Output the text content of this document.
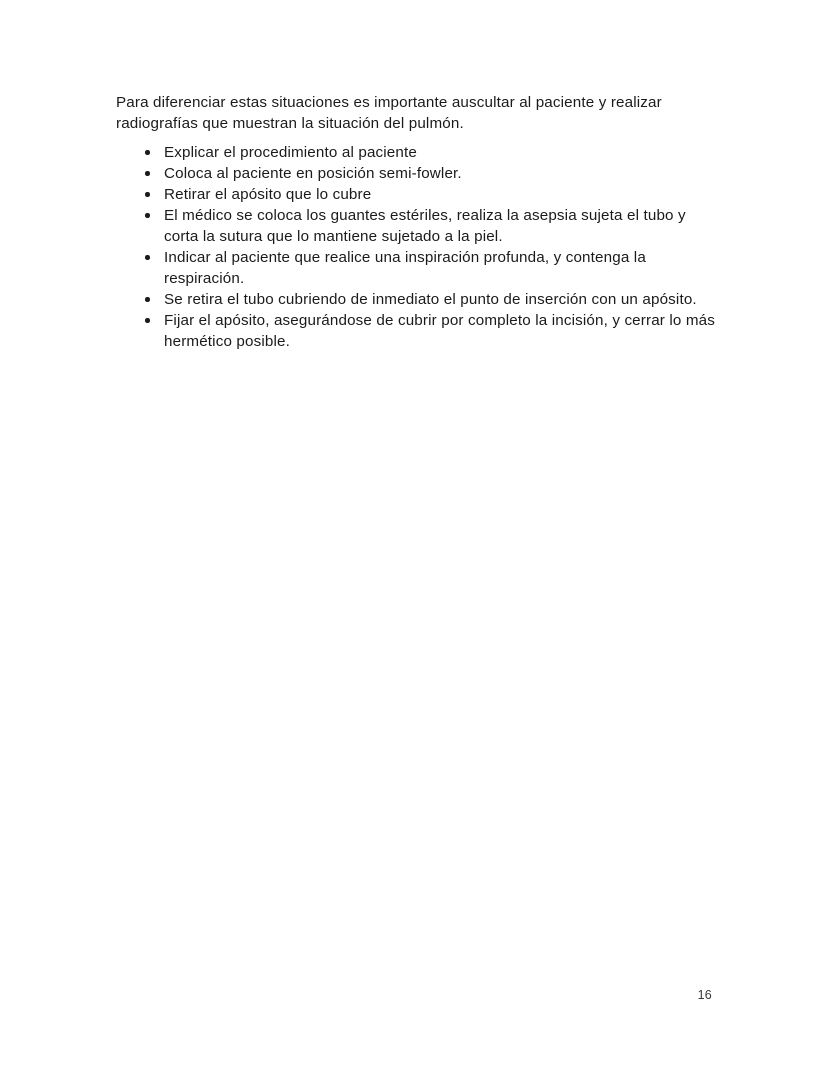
Para diferenciar estas situaciones es importante auscultar al paciente y realizar radiografías que muestran la situación del pulmón.

Explicar el procedimiento al paciente
Coloca al paciente en posición semi-fowler.
Retirar el apósito que lo cubre
El médico se coloca los guantes estériles, realiza la asepsia sujeta el tubo y corta la sutura que lo mantiene sujetado a la piel.
Indicar al paciente que realice una inspiración profunda, y contenga la respiración.
Se retira el tubo cubriendo de inmediato el punto de inserción con un apósito.
Fijar el apósito, asegurándose de cubrir por completo la incisión, y cerrar lo más hermético posible.
16
